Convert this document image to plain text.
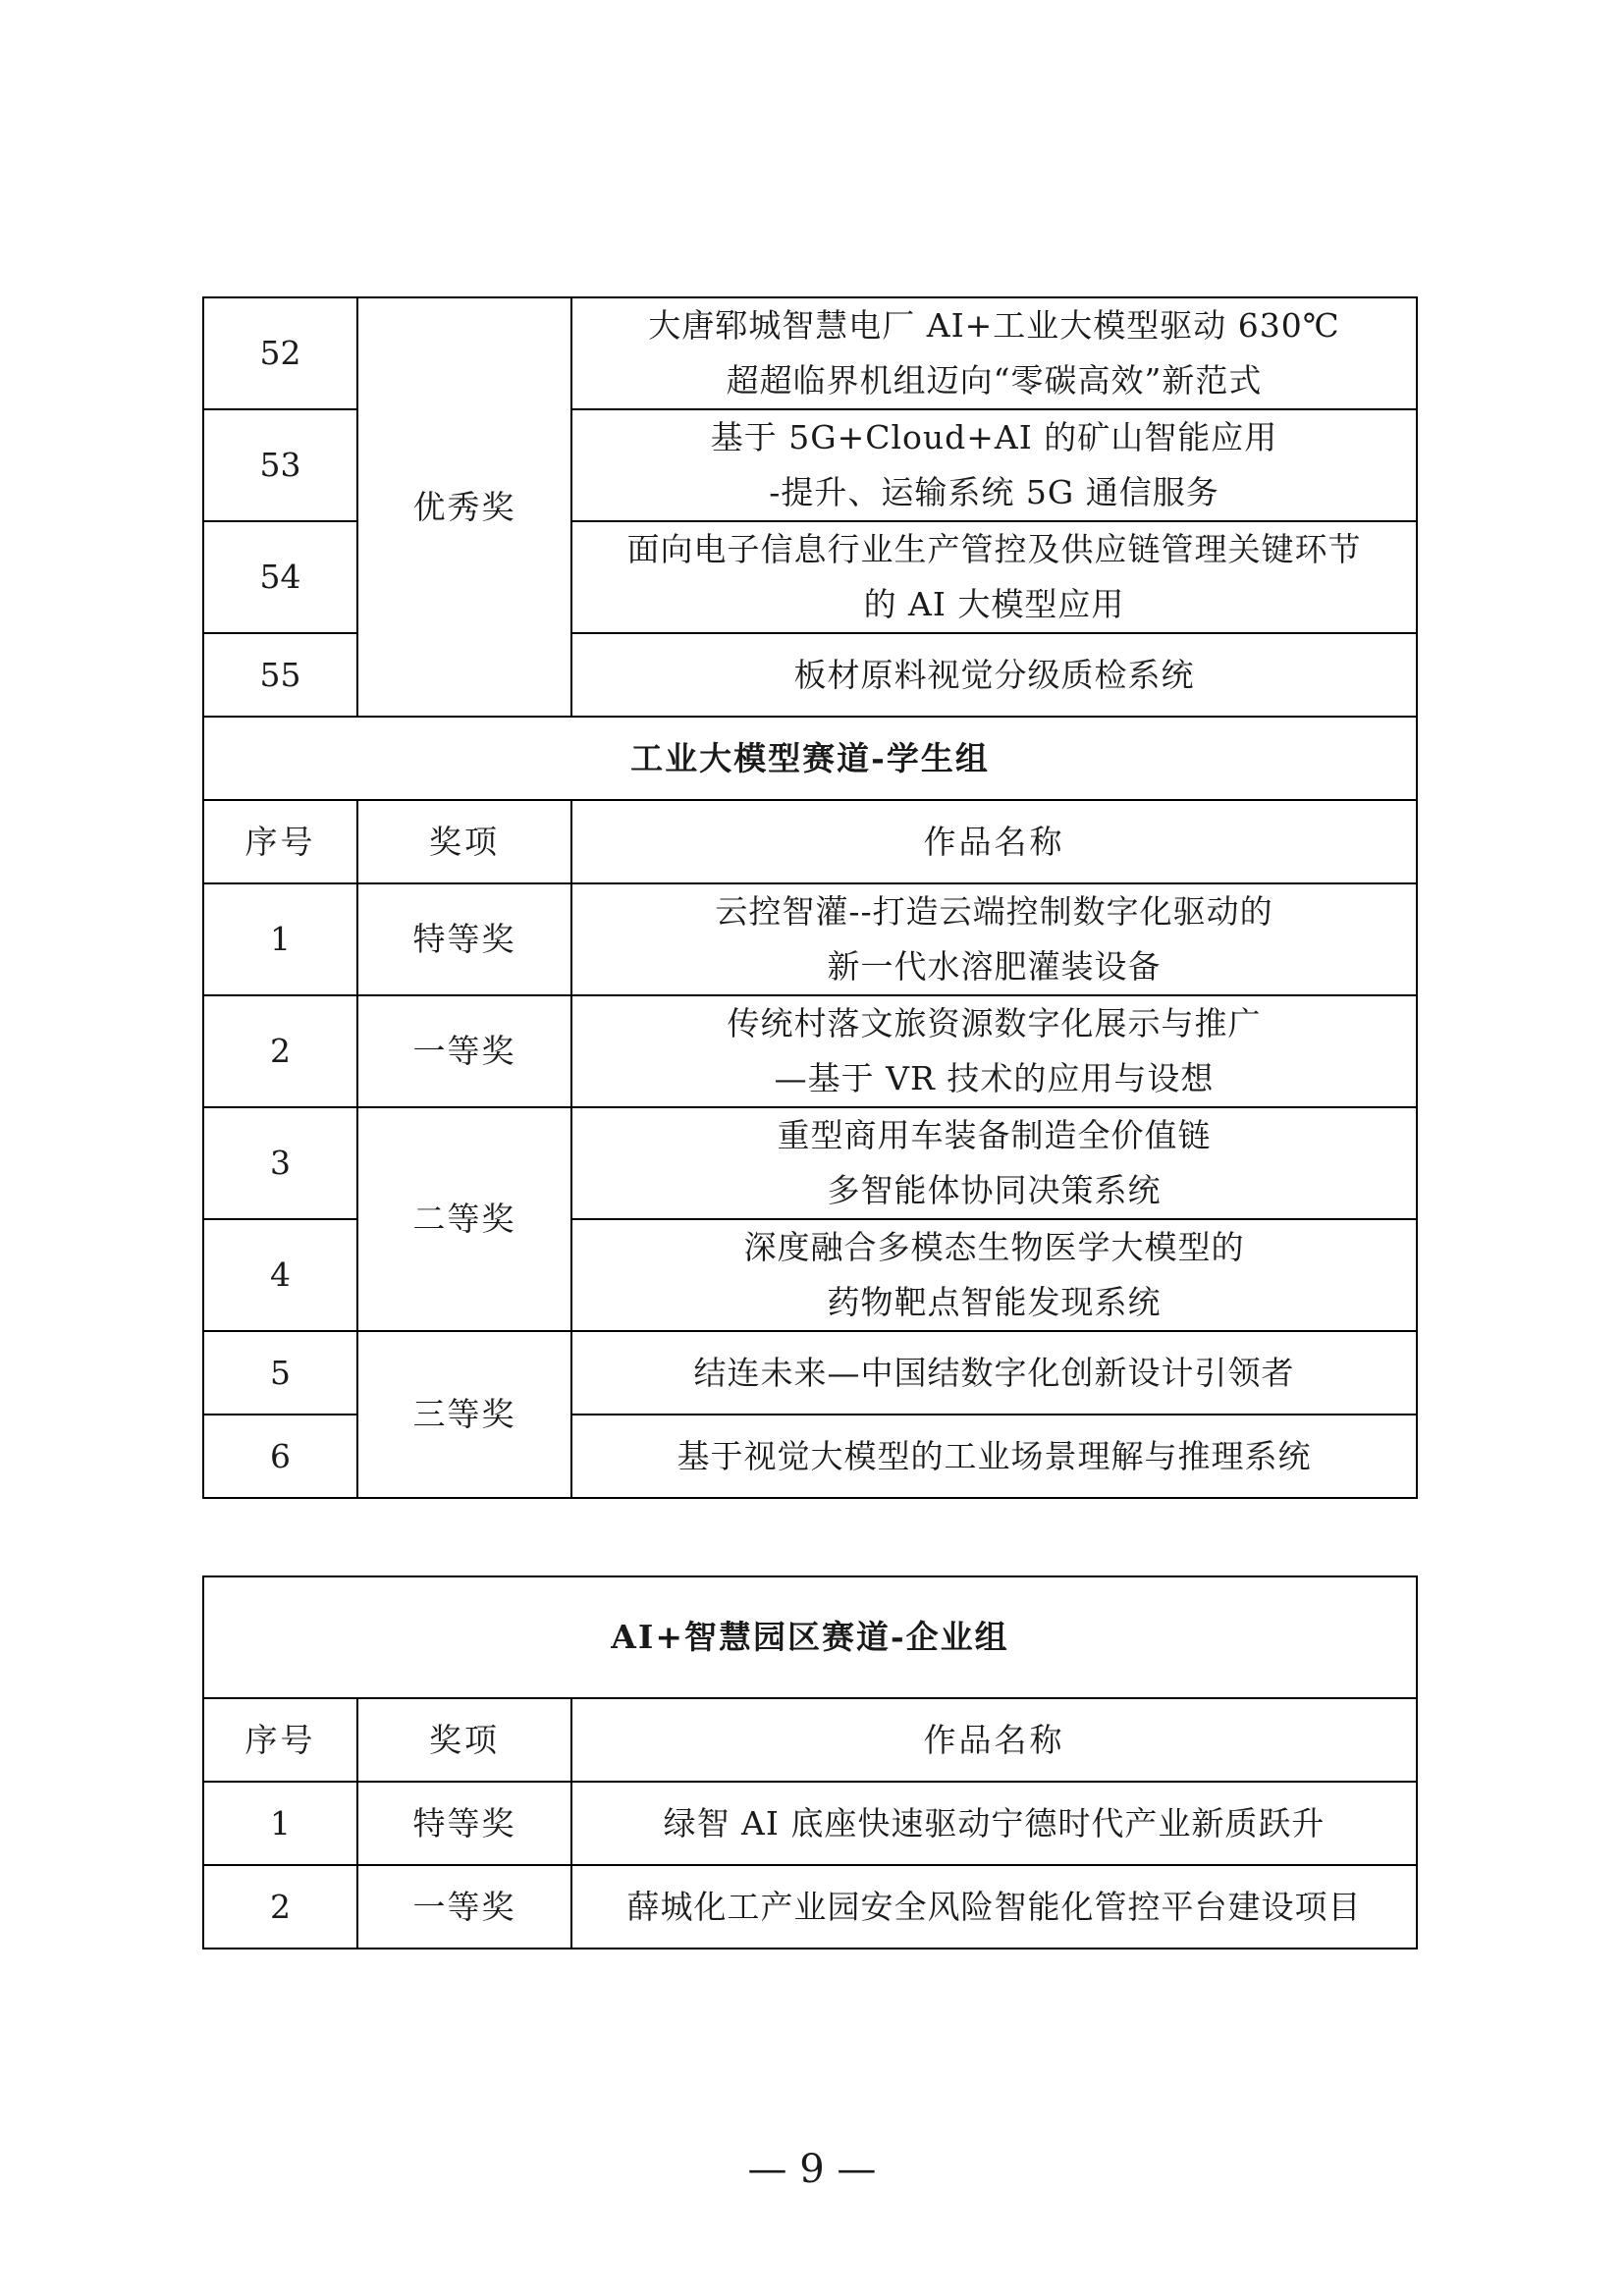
52	优秀奖	大唐郓城智慧电厂 AI+工业大模型驱动 630℃
超超临界机组迈向“零碳高效”新范式

53		基于 5G+Cloud+AI 的矿山智能应用
-提升、运输系统 5G 通信服务

54		面向电子信息行业生产管控及供应链管理关键环节
的 AI 大模型应用

55		板材原料视觉分级质检系统

工业大模型赛道-学生组		
序号	奖项	作品名称
1	特等奖	云控智灌--打造云端控制数字化驱动的
新一代水溶肥灌装设备

2	一等奖	传统村落文旅资源数字化展示与推广
—基于 VR 技术的应用与设想

3	二等奖	重型商用车装备制造全价值链
多智能体协同决策系统

4		深度融合多模态生物医学大模型的
药物靶点智能发现系统

5	三等奖	结连未来—中国结数字化创新设计引领者

6		基于视觉大模型的工业场景理解与推理系统
AI+智慧园区赛道-企业组		
序号	奖项	作品名称
1	特等奖	绿智 AI 底座快速驱动宁德时代产业新质跃升
2	一等奖	薛城化工产业园安全风险智能化管控平台建设项目
— 9 —
